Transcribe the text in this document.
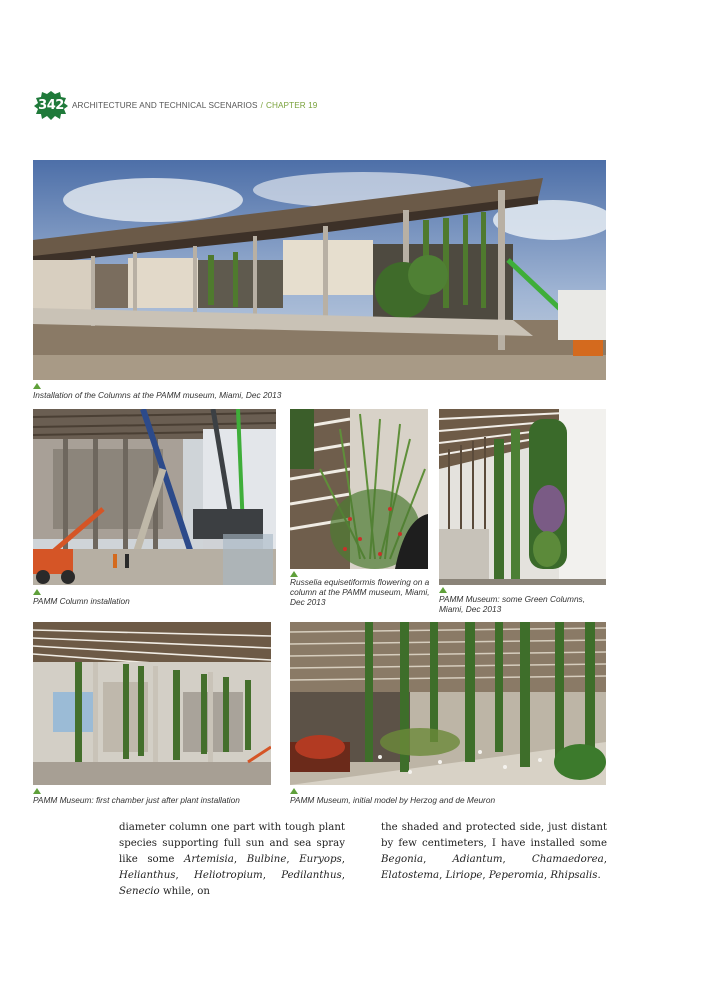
342 ARCHITECTURE AND TECHNICAL SCENARIOS / CHAPTER 19
Installation of the Columns at the PAMM museum, Miami, Dec 2013
PAMM Column installation
Russelia equisetiformis flowering on a column at the PAMM museum, Miami, Dec 2013	PAMM Museum: some Green Columns, Miami, Dec 2013
PAMM Museum: first chamber just after plant installation	PAMM Museum, initial model by Herzog and de Meuron
diameter column one part with tough plant species supporting full sun and sea spray like some Artemisia, Bulbine, Euryops, Helianthus, Heliotropium, Pedilanthus, Senecio while, on
the shaded and protected side, just distant by few centimeters, I have installed some Begonia, Adiantum, Chamaedorea, Elatostema, Liriope, Peperomia, Rhipsalis.
